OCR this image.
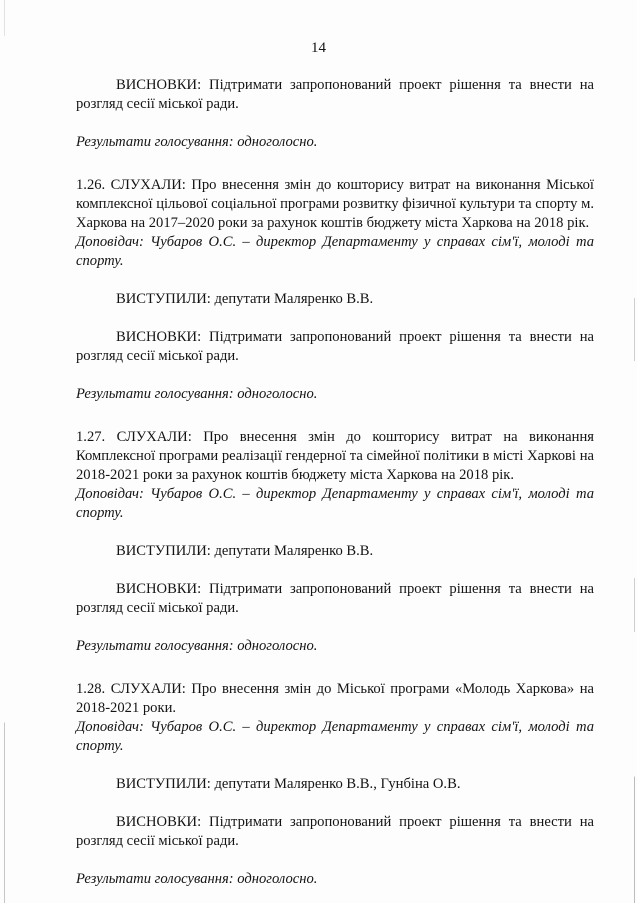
14

ВИСНОВКИ: Підтримати запропонований проект рішення та внести на розгляд сесії міської ради.

Результати голосування: одноголосно.

1.26. СЛУХАЛИ: Про внесення змін до кошторису витрат на виконання Міської комплексної цільової соціальної програми розвитку фізичної культури та спорту м. Харкова на 2017–2020 роки за рахунок коштів бюджету міста Харкова на 2018 рік.

Доповідач: Чубаров О.С. – директор Департаменту у справах сім'ї, молоді та спорту.

ВИСТУПИЛИ: депутати Маляренко В.В.

ВИСНОВКИ: Підтримати запропонований проект рішення та внести на розгляд сесії міської ради.

Результати голосування: одноголосно.

1.27. СЛУХАЛИ: Про внесення змін до кошторису витрат на виконання Комплексної програми реалізації гендерної та сімейної політики в місті Харкові на 2018-2021 роки за рахунок коштів бюджету міста Харкова на 2018 рік.

Доповідач: Чубаров О.С. – директор Департаменту у справах сім'ї, молоді та спорту.

ВИСТУПИЛИ: депутати Маляренко В.В.

ВИСНОВКИ: Підтримати запропонований проект рішення та внести на розгляд сесії міської ради.

Результати голосування: одноголосно.

1.28. СЛУХАЛИ: Про внесення змін до Міської програми «Молодь Харкова» на 2018-2021 роки.

Доповідач: Чубаров О.С. – директор Департаменту у справах сім'ї, молоді та спорту.

ВИСТУПИЛИ: депутати Маляренко В.В., Гунбіна О.В.

ВИСНОВКИ: Підтримати запропонований проект рішення та внести на розгляд сесії міської ради.

Результати голосування: одноголосно.
